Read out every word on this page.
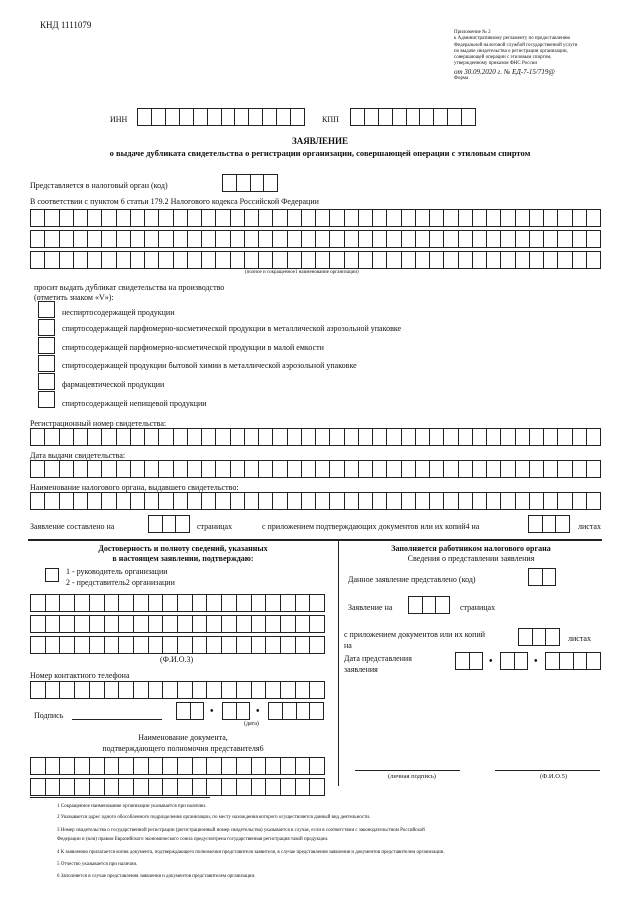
КНД 1111079
Приложение № 2
к Административному регламенту по предоставлению
Федеральной налоговой службой государственной услуги
по выдаче свидетельства о регистрации организации,
совершающей операции с этиловым спиртом,
утвержденному приказом ФНС России
от 30.09.2020 г. № ЕД-7-15/719@
Форма
ИНН	КПП
ЗАЯВЛЕНИЕ
о выдаче дубликата свидетельства о регистрации организации, совершающей операции с этиловым спиртом
Представляется в налоговый орган (код)
В соответствии с пунктом 6 статьи 179.2 Налогового кодекса Российской Федерации
(полное и сокращенное1 наименование организации)
просит выдать дубликат свидетельства на производство
(отметить знаком «V»):
неспиртосодержащей продукции
спиртосодержащей парфюмерно-косметической продукции в металлической аэрозольной упаковке
спиртосодержащей парфюмерно-косметической продукции в малой емкости
спиртосодержащей продукции бытовой химии в металлической аэрозольной упаковке
фармацевтической продукции
спиртосодержащей непищевой продукции
Регистрационный номер свидетельства:
Дата выдачи свидетельства:
Наименование налогового органа, выдавшего свидетельство:
Заявление составлено на	страницах	с приложением подтверждающих документов или их копий4 на	листах
Достоверность и полноту сведений, указанных
в настоящем заявлении, подтверждаю:
1 - руководитель организации
2 - представитель2 организации
(Ф.И.О.3)
Номер контактного телефона
Подпись	•	•
(дата)
Наименование документа,
подтверждающего полномочия представителя6
Заполняется работником налогового органа
Сведения о представлении заявления
Данное заявление представлено (код)
Заявление на	страницах
с приложением документов или их копий
на
листах
Дата представления
заявления
•	•
(личная подпись)	(Ф.И.О.5)
1 Сокращенное наименование организации указывается при наличии.
2 Указывается адрес одного обособленного подразделения организации, по месту нахождения которого осуществляется данный вид деятельности.
3 Номер свидетельства о государственной регистрации (регистрационный номер свидетельства) указывается в случае, если в соответствии с законодательством Российской
Федерации и (или) правом Евразийского экономического союза предусмотрена государственная регистрация такой продукции.
4 К заявлению прилагается копия документа, подтверждающего полномочия представителя заявителя, в случае представления заявления и документов представителем организации.
5 Отчество указывается при наличии.
6 Заполняется в случае представления заявления и документов представителем организации.
